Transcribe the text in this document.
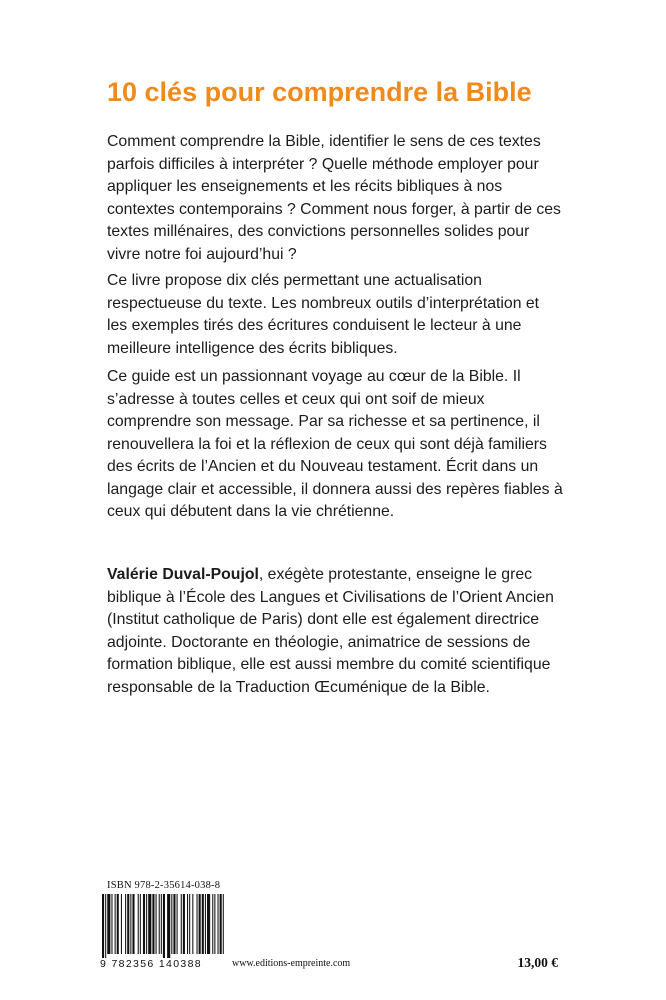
10 clés pour comprendre la Bible

Comment comprendre la Bible, identifier le sens de ces textes parfois difficiles à interpréter ? Quelle méthode employer pour appliquer les enseignements et les récits bibliques à nos contextes contemporains ? Comment nous forger, à partir de ces textes millénaires, des convictions personnelles solides pour vivre notre foi aujourd’hui ?

Ce livre propose dix clés permettant une actualisation respectueuse du texte. Les nombreux outils d’interprétation et les exemples tirés des écritures conduisent le lecteur à une meilleure intelligence des écrits bibliques.

Ce guide est un passionnant voyage au cœur de la Bible. Il s’adresse à toutes celles et ceux qui ont soif de mieux comprendre son message. Par sa richesse et sa pertinence, il renouvellera la foi et la réflexion de ceux qui sont déjà familiers des écrits de l’Ancien et du Nouveau testament. Écrit dans un langage clair et accessible, il donnera aussi des repères fiables à ceux qui débutent dans la vie chrétienne.

Valérie Duval-Poujol, exégète protestante, enseigne le grec biblique à l’École des Langues et Civilisations de l’Orient Ancien (Institut catholique de Paris) dont elle est également directrice adjointe. Doctorante en théologie, animatrice de sessions de formation biblique, elle est aussi membre du comité scientifique responsable de la Traduction Œcuménique de la Bible.

ISBN 978-2-35614-038-8
9 782356 140388	www.editions-empreinte.com	13,00 €
